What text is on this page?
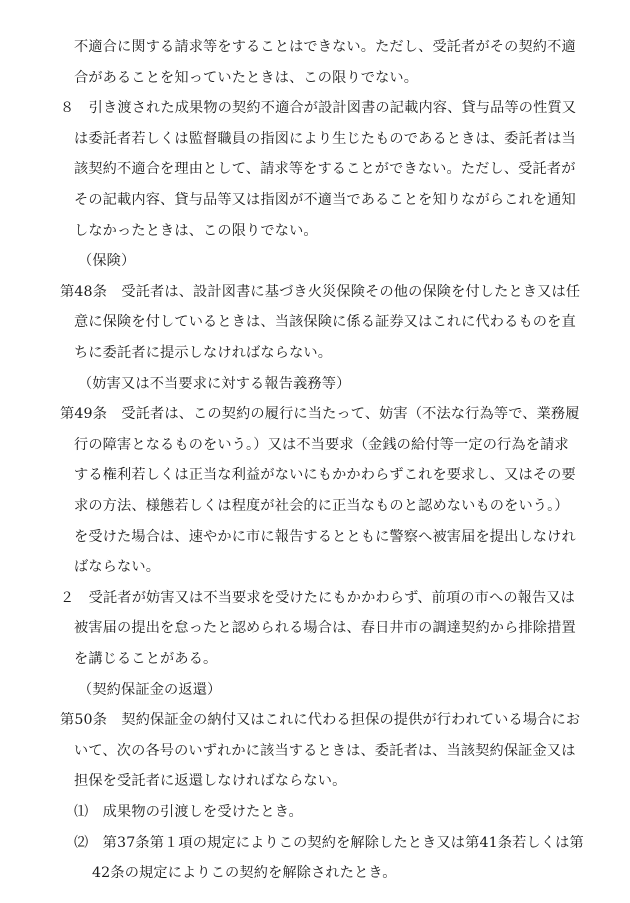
不適合に関する請求等をすることはできない。ただし、受託者がその契約不適
合があることを知っていたときは、この限りでない。
８　引き渡された成果物の契約不適合が設計図書の記載内容、貸与品等の性質又
は委託者若しくは監督職員の指図により生じたものであるときは、委託者は当
該契約不適合を理由として、請求等をすることができない。ただし、受託者が
その記載内容、貸与品等又は指図が不適当であることを知りながらこれを通知
しなかったときは、この限りでない。
（保険）
第48条　受託者は、設計図書に基づき火災保険その他の保険を付したとき又は任
意に保険を付しているときは、当該保険に係る証券又はこれに代わるものを直
ちに委託者に提示しなければならない。
（妨害又は不当要求に対する報告義務等）
第49条　受託者は、この契約の履行に当たって、妨害（不法な行為等で、業務履
行の障害となるものをいう。）又は不当要求（金銭の給付等一定の行為を請求
する権利若しくは正当な利益がないにもかかわらずこれを要求し、又はその要
求の方法、様態若しくは程度が社会的に正当なものと認めないものをいう。）
を受けた場合は、速やかに市に報告するとともに警察へ被害届を提出しなけれ
ばならない。
２　受託者が妨害又は不当要求を受けたにもかかわらず、前項の市への報告又は
被害届の提出を怠ったと認められる場合は、春日井市の調達契約から排除措置
を講じることがある。
（契約保証金の返還）
第50条　契約保証金の納付又はこれに代わる担保の提供が行われている場合にお
いて、次の各号のいずれかに該当するときは、委託者は、当該契約保証金又は
担保を受託者に返還しなければならない。
⑴　成果物の引渡しを受けたとき。
⑵　第37条第１項の規定によりこの契約を解除したとき又は第41条若しくは第
42条の規定によりこの契約を解除されたとき。
